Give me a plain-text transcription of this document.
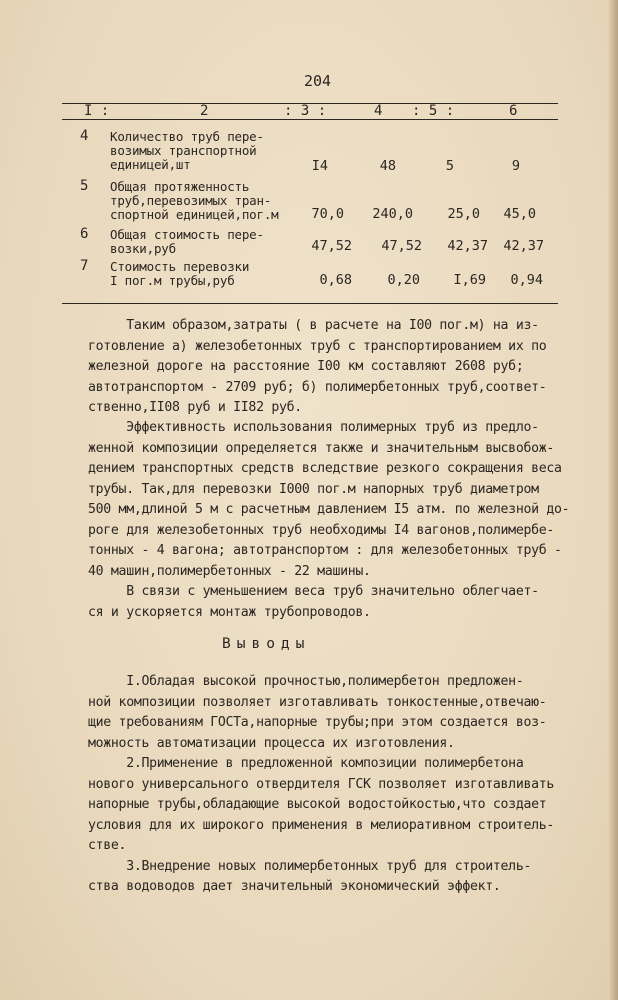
204
I :	2	: 3 :	4 : 5 :	6
4 Количество труб пере-
возимых транспортной
единицей,шт	I4	48	5	9
5 Общая протяженность
труб,перевозимых тран-
спортной единицей,пог.м	70,0	240,0	25,0	45,0
6 Общая стоимость пере-
возки,руб	47,52	47,52	42,37	42,37
7 Стоимость перевозки
I пог.м трубы,руб	0,68	0,20	I,69	0,94
Таким образом,затраты ( в расчете на I00 пог.м) на из-
готовление а) железобетонных труб с транспортированием их по
железной дороге на расстояние I00 км составляют 2608 руб;
автотранспортом - 2709 руб; б) полимербетонных труб,соответ-
ственно,II08 руб и II82 руб.
Эффективность использования полимерных труб из предло-
женной композиции определяется также и значительным высвобож-
дением транспортных средств вследствие резкого сокращения веса
трубы. Так,для перевозки I000 пог.м напорных труб диаметром
500 мм,длиной 5 м с расчетным давлением I5 атм. по железной до-
роге для железобетонных труб необходимы I4 вагонов,полимербе-
тонных - 4 вагона; автотранспортом : для железобетонных труб -
40 машин,полимербетонных - 22 машины.
В связи с уменьшением веса труб значительно облегчает-
ся и ускоряется монтаж трубопроводов.
Выводы
I.Обладая высокой прочностью,полимербетон предложен-
ной композиции позволяет изготавливать тонкостенные,отвечаю-
щие требованиям ГОСТа,напорные трубы;при этом создается воз-
можность автоматизации процесса их изготовления.
2.Применение в предложенной композиции полимербетона
нового универсального отвердителя ГСК позволяет изготавливать
напорные трубы,обладающие высокой водостойкостью,что создает
условия для их широкого применения в мелиоративном строитель-
стве.
3.Внедрение новых полимербетонных труб для строитель-
ства водоводов дает значительный экономический эффект.
